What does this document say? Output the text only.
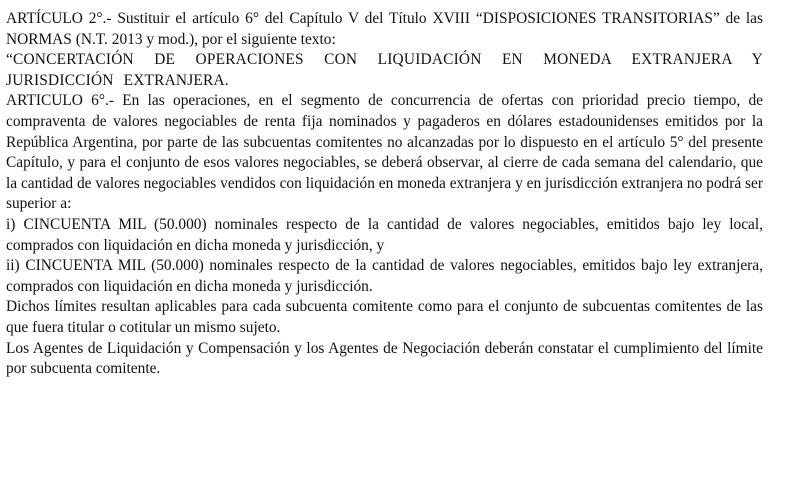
ARTÍCULO 2°.- Sustituir el artículo 6° del Capítulo V del Título XVIII “DISPOSICIONES TRANSITORIAS” de las NORMAS (N.T. 2013 y mod.), por el siguiente texto:

“CONCERTACIÓN DE OPERACIONES CON LIQUIDACIÓN EN MONEDA EXTRANJERA Y JURISDICCIÓN EXTRANJERA.

ARTICULO 6°.- En las operaciones, en el segmento de concurrencia de ofertas con prioridad precio tiempo, de compraventa de valores negociables de renta fija nominados y pagaderos en dólares estadounidenses emitidos por la República Argentina, por parte de las subcuentas comitentes no alcanzadas por lo dispuesto en el artículo 5° del presente Capítulo, y para el conjunto de esos valores negociables, se deberá observar, al cierre de cada semana del calendario, que la cantidad de valores negociables vendidos con liquidación en moneda extranjera y en jurisdicción extranjera no podrá ser superior a:

i) CINCUENTA MIL (50.000) nominales respecto de la cantidad de valores negociables, emitidos bajo ley local, comprados con liquidación en dicha moneda y jurisdicción, y

ii) CINCUENTA MIL (50.000) nominales respecto de la cantidad de valores negociables, emitidos bajo ley extranjera, comprados con liquidación en dicha moneda y jurisdicción.

Dichos límites resultan aplicables para cada subcuenta comitente como para el conjunto de subcuentas comitentes de las que fuera titular o cotitular un mismo sujeto.

Los Agentes de Liquidación y Compensación y los Agentes de Negociación deberán constatar el cumplimiento del límite por subcuenta comitente.
